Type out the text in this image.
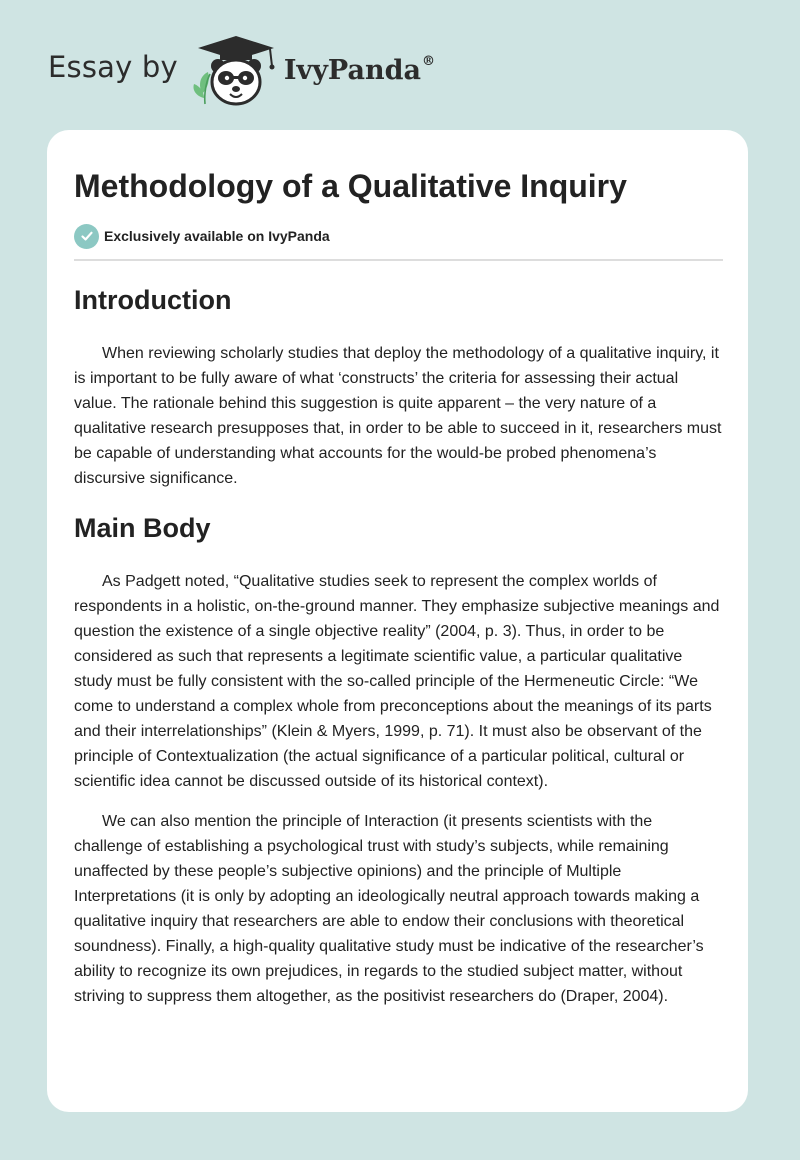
Essay by	IvyPanda®
Methodology of a Qualitative Inquiry
Exclusively available on IvyPanda
Introduction

When reviewing scholarly studies that deploy the methodology of a qualitative inquiry, it is important to be fully aware of what ‘constructs’ the criteria for assessing their actual value. The rationale behind this suggestion is quite apparent – the very nature of a qualitative research presupposes that, in order to be able to succeed in it, researchers must be capable of understanding what accounts for the would-be probed phenomena’s discursive significance.

Main Body

As Padgett noted, “Qualitative studies seek to represent the complex worlds of respondents in a holistic, on-the-ground manner. They emphasize subjective meanings and question the existence of a single objective reality” (2004, p. 3). Thus, in order to be considered as such that represents a legitimate scientific value, a particular qualitative study must be fully consistent with the so-called principle of the Hermeneutic Circle: “We come to understand a complex whole from preconceptions about the meanings of its parts and their interrelationships” (Klein & Myers, 1999, p. 71). It must also be observant of the principle of Contextualization (the actual significance of a particular political, cultural or scientific idea cannot be discussed outside of its historical context).

We can also mention the principle of Interaction (it presents scientists with the challenge of establishing a psychological trust with study’s subjects, while remaining unaffected by these people’s subjective opinions) and the principle of Multiple Interpretations (it is only by adopting an ideologically neutral approach towards making a qualitative inquiry that researchers are able to endow their conclusions with theoretical soundness). Finally, a high-quality qualitative study must be indicative of the researcher’s ability to recognize its own prejudices, in regards to the studied subject matter, without striving to suppress them altogether, as the positivist researchers do (Draper, 2004).
